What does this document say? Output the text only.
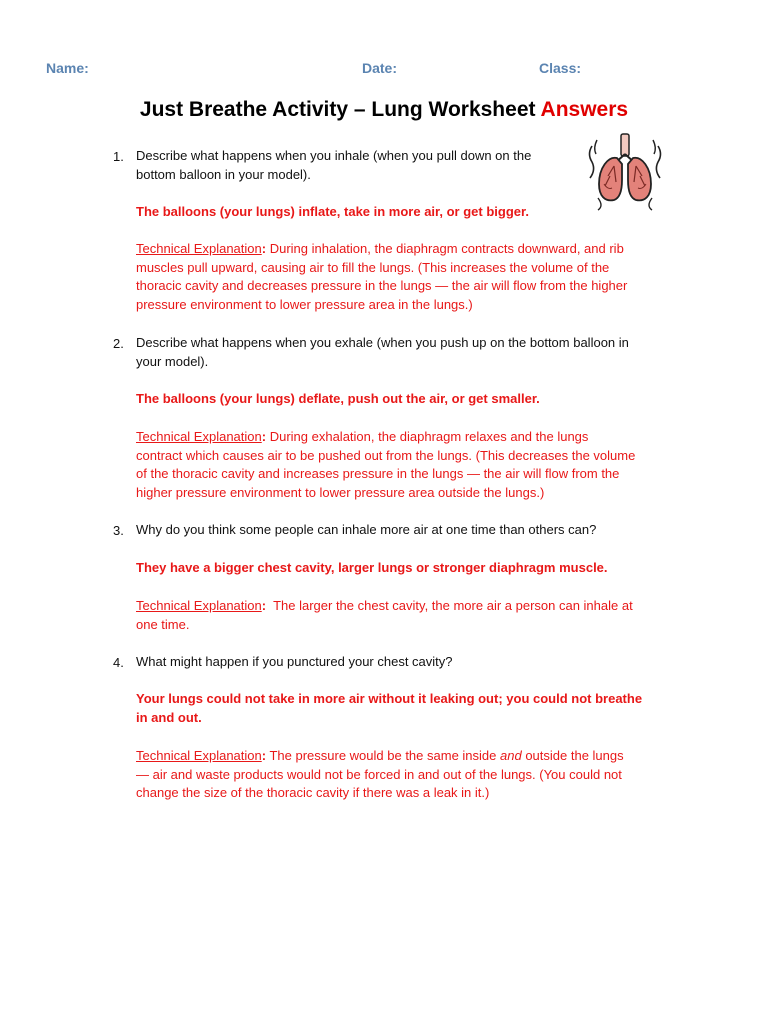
Name:	Date:	Class:
Just Breathe Activity – Lung Worksheet Answers
1. Describe what happens when you inhale (when you pull down on the
bottom balloon in your model).
The balloons (your lungs) inflate, take in more air, or get bigger.
Technical Explanation: During inhalation, the diaphragm contracts downward, and rib
muscles pull upward, causing air to fill the lungs. (This increases the volume of the
thoracic cavity and decreases pressure in the lungs — the air will flow from the higher
pressure environment to lower pressure area in the lungs.)
2. Describe what happens when you exhale (when you push up on the bottom balloon in
your model).
The balloons (your lungs) deflate, push out the air, or get smaller.
Technical Explanation: During exhalation, the diaphragm relaxes and the lungs
contract which causes air to be pushed out from the lungs. (This decreases the volume
of the thoracic cavity and increases pressure in the lungs — the air will flow from the
higher pressure environment to lower pressure area outside the lungs.)
3. Why do you think some people can inhale more air at one time than others can?
They have a bigger chest cavity, larger lungs or stronger diaphragm muscle.
Technical Explanation:  The larger the chest cavity, the more air a person can inhale at
one time.
4. What might happen if you punctured your chest cavity?
Your lungs could not take in more air without it leaking out; you could not breathe
in and out.
Technical Explanation: The pressure would be the same inside and outside the lungs
— air and waste products would not be forced in and out of the lungs. (You could not
change the size of the thoracic cavity if there was a leak in it.)
